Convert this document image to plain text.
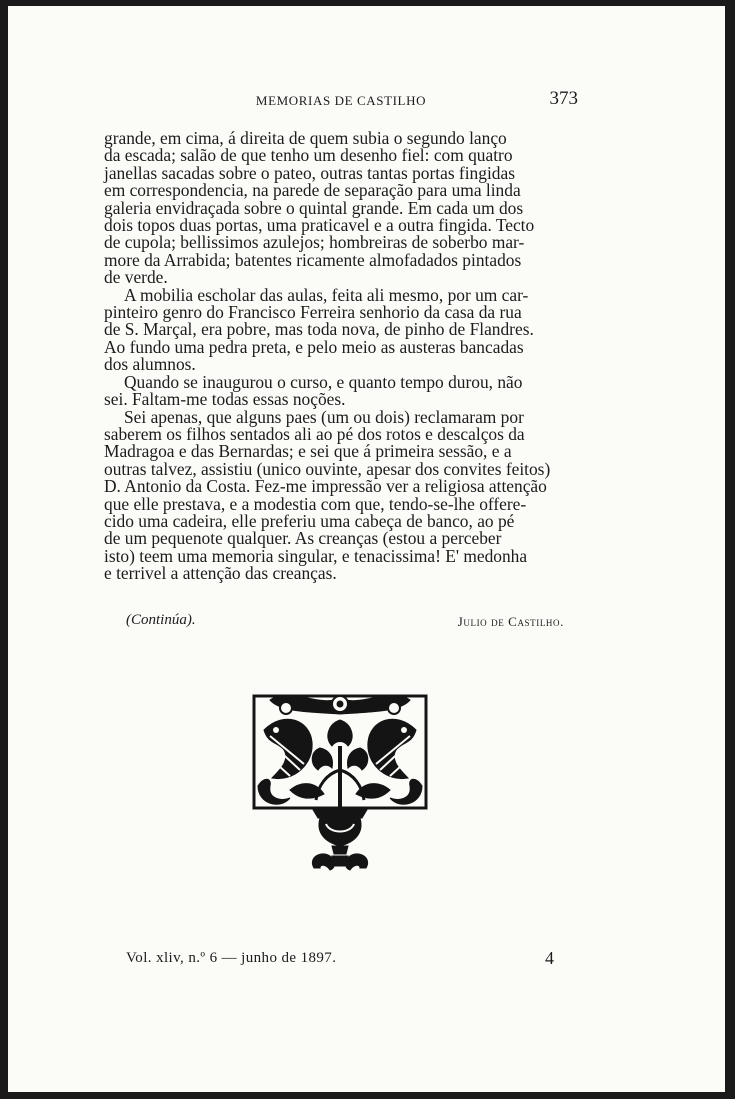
MEMORIAS DE CASTILHO	373

grande, em cima, á direita de quem subia o segundo lanço
da escada; salão de que tenho um desenho fiel: com quatro
janellas sacadas sobre o pateo, outras tantas portas fingidas
em correspondencia, na parede de separação para uma linda
galeria envidraçada sobre o quintal grande. Em cada um dos
dois topos duas portas, uma praticavel e a outra fingida. Tecto
de cupola; bellissimos azulejos; hombreiras de soberbo mar-
more da Arrabida; batentes ricamente almofadados pintados
de verde.

A mobilia escholar das aulas, feita ali mesmo, por um car-
pinteiro genro do Francisco Ferreira senhorio da casa da rua
de S. Marçal, era pobre, mas toda nova, de pinho de Flandres.
Ao fundo uma pedra preta, e pelo meio as austeras bancadas
dos alumnos.

Quando se inaugurou o curso, e quanto tempo durou, não
sei. Faltam-me todas essas noções.

Sei apenas, que alguns paes (um ou dois) reclamaram por
saberem os filhos sentados ali ao pé dos rotos e descalços da
Madragoa e das Bernardas; e sei que á primeira sessão, e a
outras talvez, assistiu (unico ouvinte, apesar dos convites feitos)
D. Antonio da Costa. Fez-me impressão ver a religiosa attenção
que elle prestava, e a modestia com que, tendo-se-lhe offere-
cido uma cadeira, elle preferiu uma cabeça de banco, ao pé
de um pequenote qualquer. As creanças (estou a perceber
isto) teem uma memoria singular, e tenacissima! E' medonha
e terrivel a attenção das creanças.

(Continúa).	Julio de Castilho.
Vol. xliv, n.º 6 — junho de 1897.	4
